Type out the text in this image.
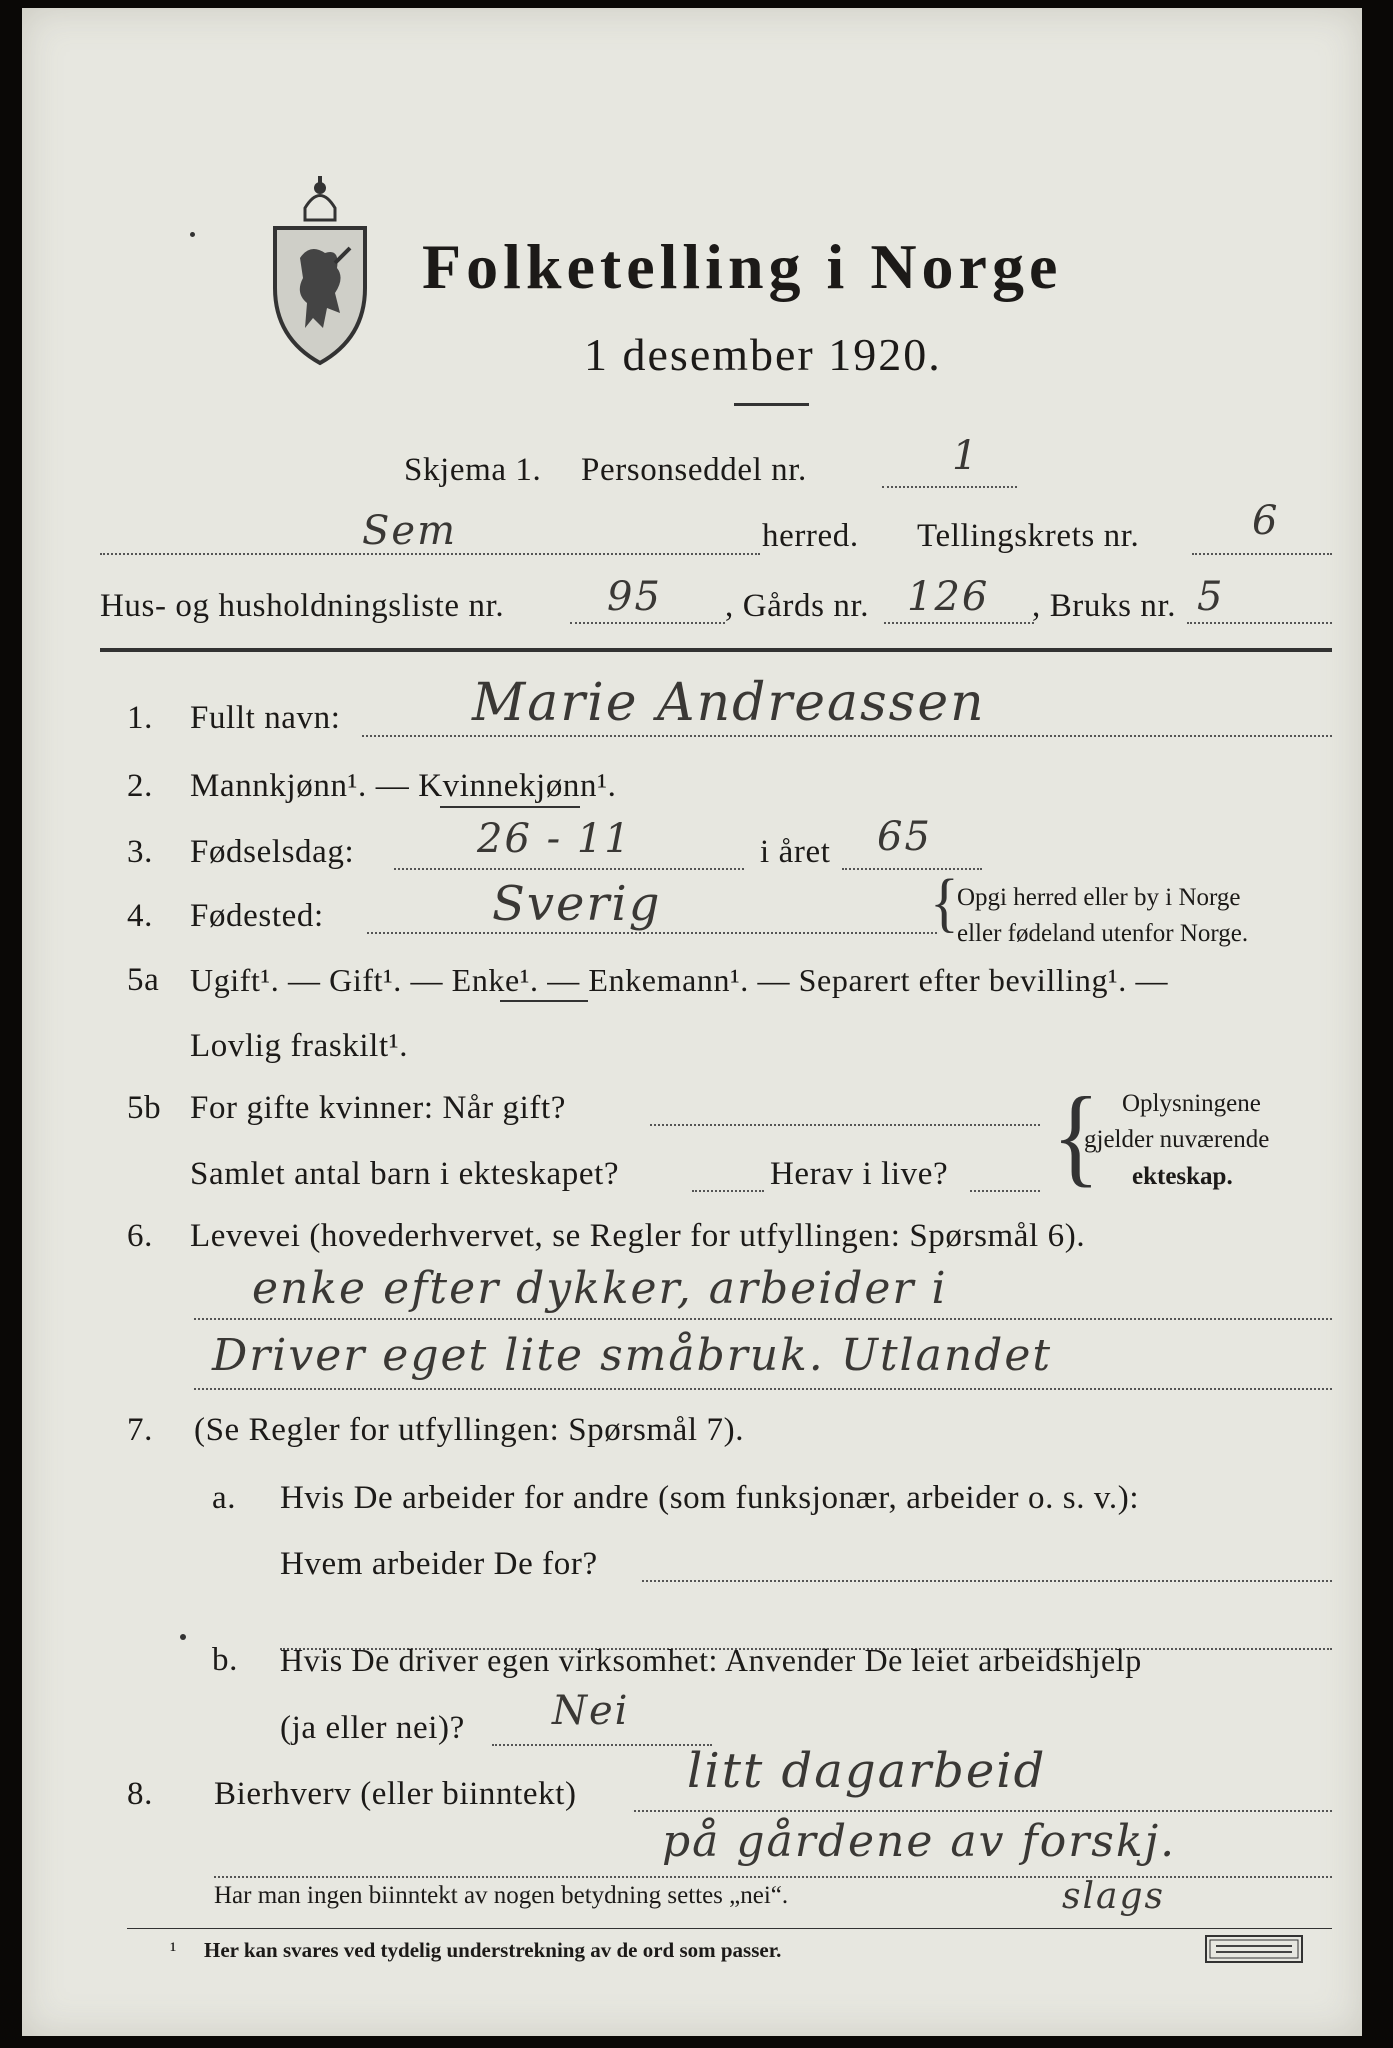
Folketelling i Norge
1 desember 1920.
Skjema 1. Personseddel nr.	1
Sem	herred. Tellingskrets nr.	6
Hus- og husholdningsliste nr.	95 , Gårds nr. 126 , Bruks nr. 5
1. Fullt navn:	Marie Andreassen
2. Mannkjønn¹. — Kvinnekjønn¹.
3. Fødselsdag:	26 - 11	i året 65
4. Fødested:	Sverig	{
Opgi herred eller by i Norge
eller fødeland utenfor Norge.
5a Ugift¹. — Gift¹. — Enke¹. — Enkemann¹. — Separert efter bevilling¹. —
Lovlig fraskilt¹.
5b For gifte kvinner: Når gift?
Samlet antal barn i ekteskapet?	Herav i live? { Oplysningene
gjelder nuværende
ekteskap.
6. Levevei (hovederhvervet, se Regler for utfyllingen: Spørsmål 6).
enke efter dykker, arbeider i
Driver eget lite småbruk. Utlandet
7. (Se Regler for utfyllingen: Spørsmål 7).
a. Hvis De arbeider for andre (som funksjonær, arbeider o. s. v.):
Hvem arbeider De for?
b. Hvis De driver egen virksomhet: Anvender De leiet arbeidshjelp
(ja eller nei)? Nei
8. Bierhverv (eller biinntekt) litt dagarbeid
på gårdene av forskj.
slags
Har man ingen biinntekt av nogen betydning settes „nei“.
¹ Her kan svares ved tydelig understrekning av de ord som passer.
